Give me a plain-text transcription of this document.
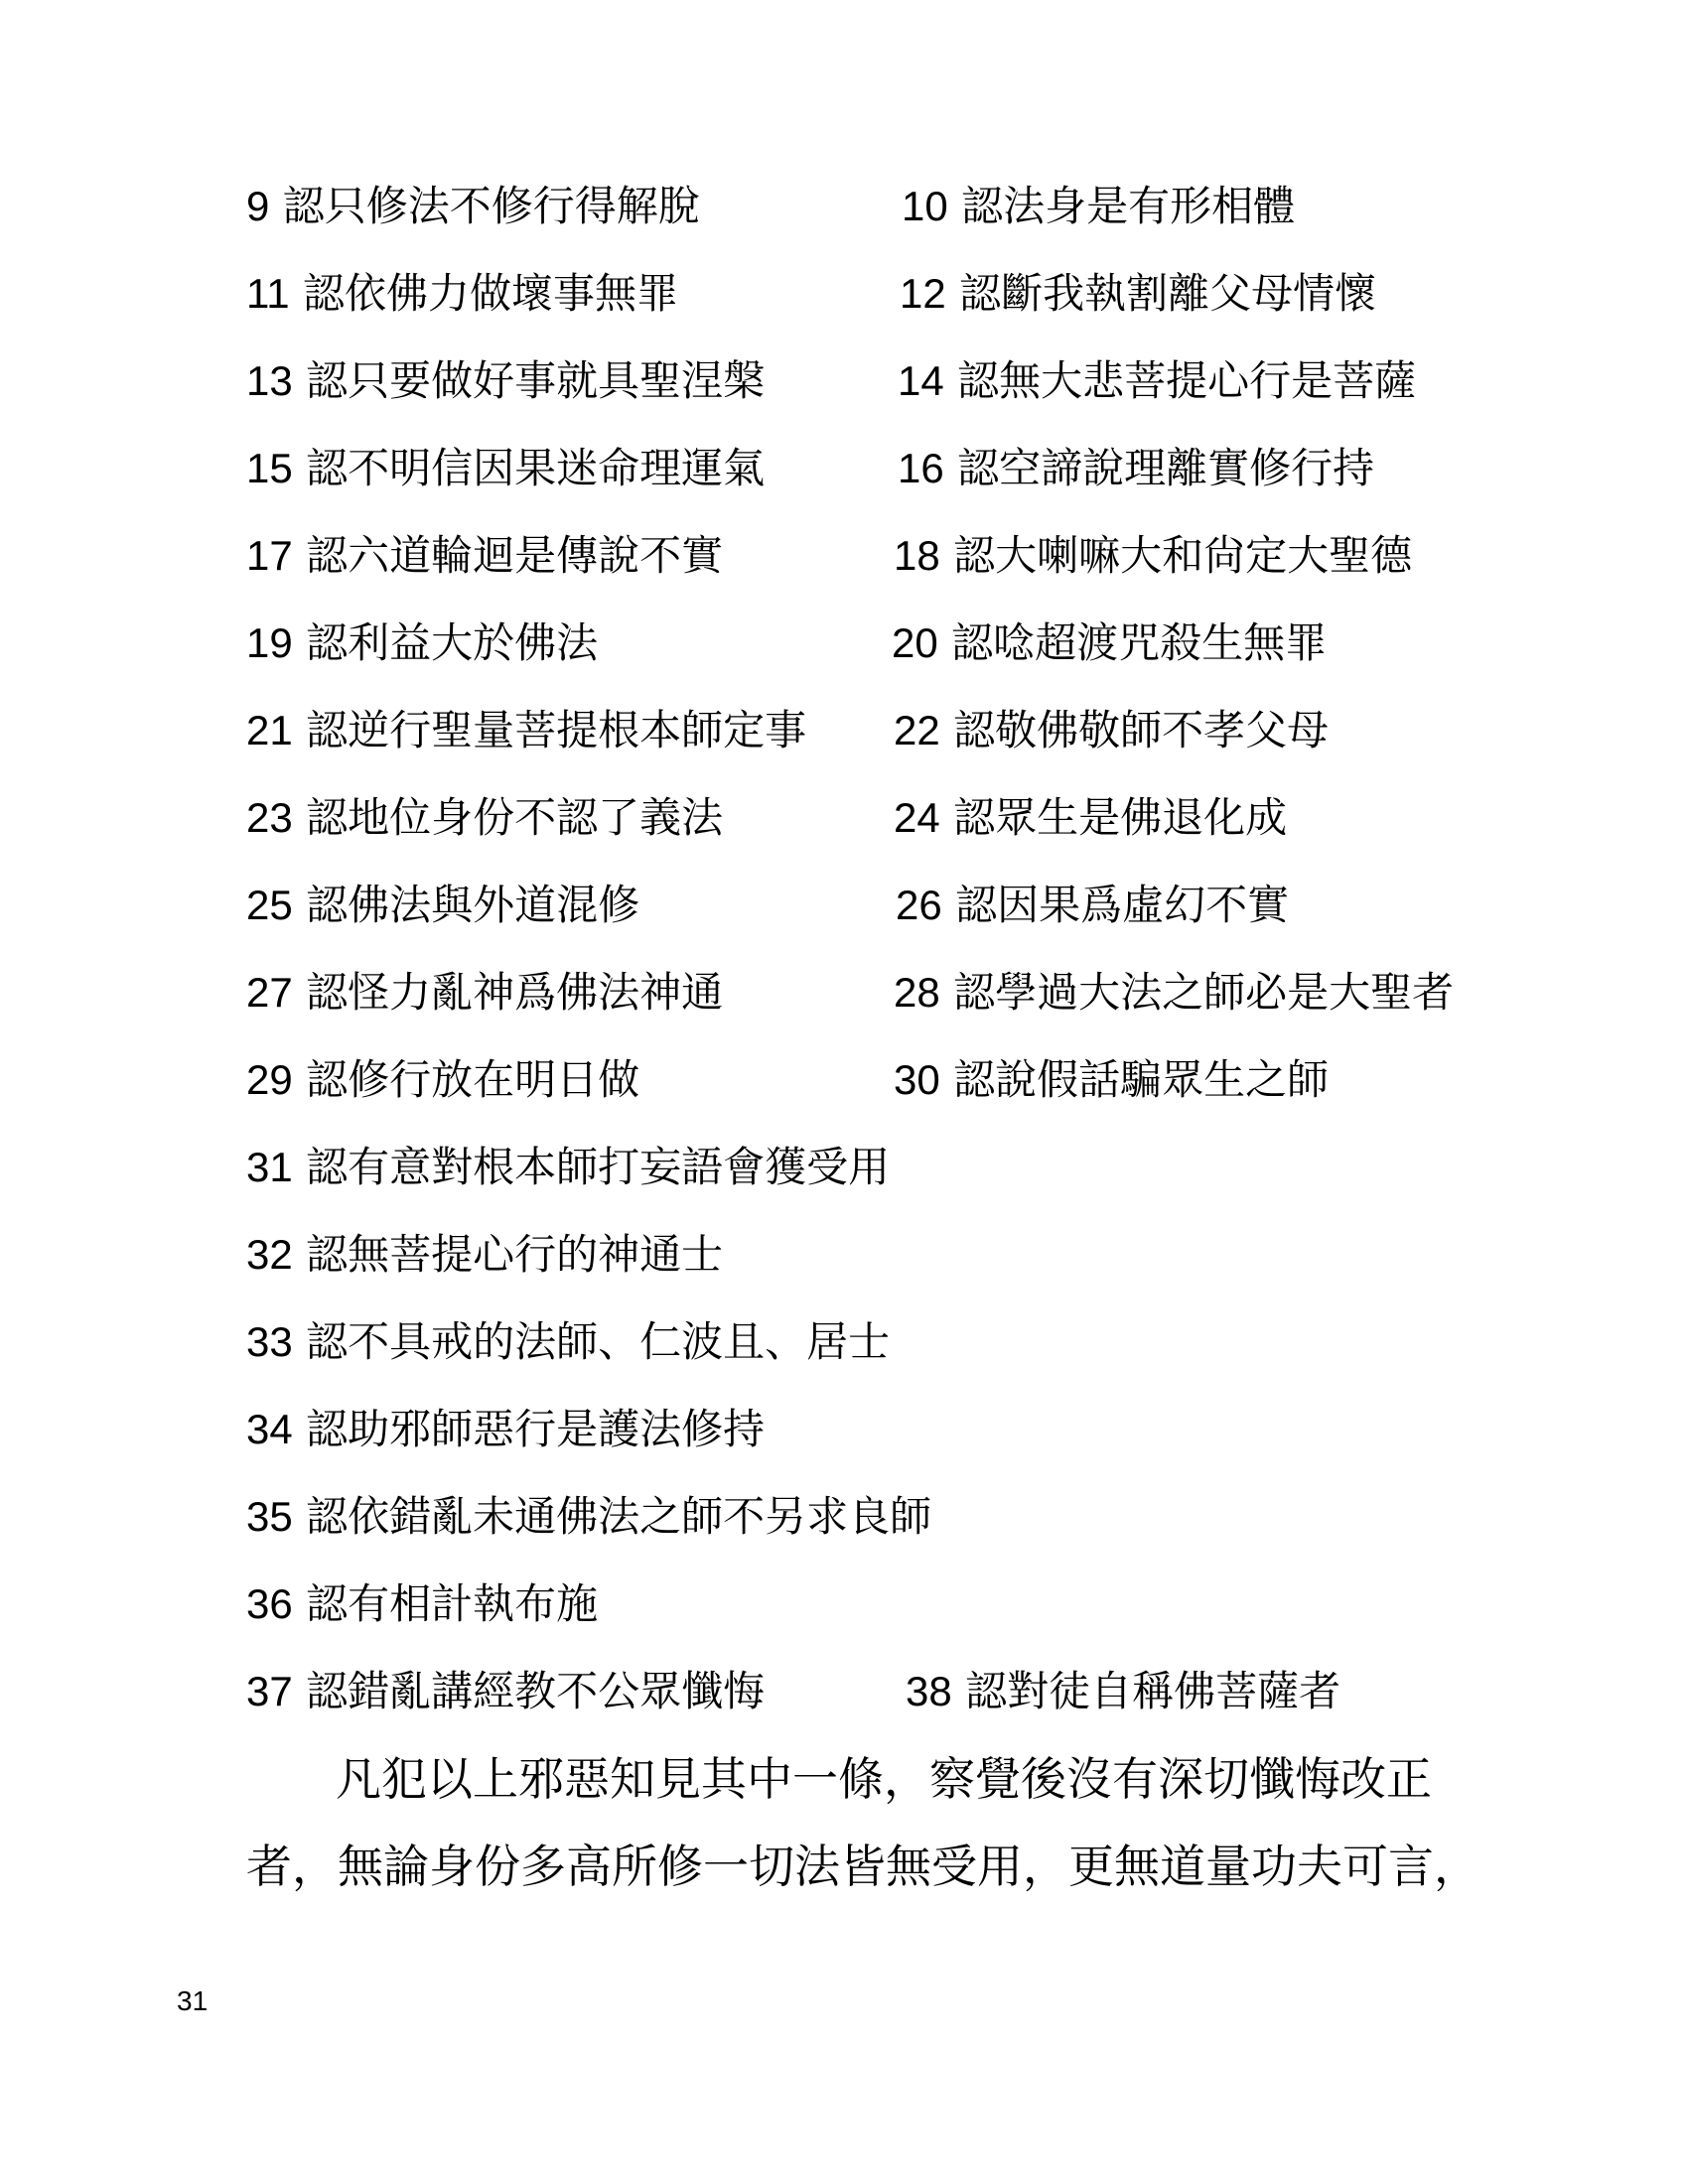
9 認只修法不修行得解脫	10 認法身是有形相體
11 認依佛力做壞事無罪	12 認斷我執割離父母情懷
13 認只要做好事就具聖涅槃	14 認無大悲菩提心行是菩薩
15 認不明信因果迷命理運氣	16 認空諦說理離實修行持
17 認六道輪迴是傳說不實	18 認大喇嘛大和尙定大聖德
19 認利益大於佛法	20 認唸超渡咒殺生無罪
21 認逆行聖量菩提根本師定事 22 認敬佛敬師不孝父母
23 認地位身份不認了義法	24 認眾生是佛退化成
25 認佛法與外道混修	26 認因果爲虛幻不實
27 認怪力亂神爲佛法神通	28 認學過大法之師必是大聖者
29 認修行放在明日做	30 認說假話騙眾生之師
31 認有意對根本師打妄語會獲受用
32 認無菩提心行的神通士
33 認不具戒的法師、仁波且、居士
34 認助邪師惡行是護法修持
35 認依錯亂未通佛法之師不另求良師
36 認有相計執布施
37 認錯亂講經教不公眾懺悔	38 認對徒自稱佛菩薩者
凡犯以上邪惡知見其中一條，察覺後沒有深切懺悔改正
者，無論身份多高所修一切法皆無受用，更無道量功夫可言，
31
